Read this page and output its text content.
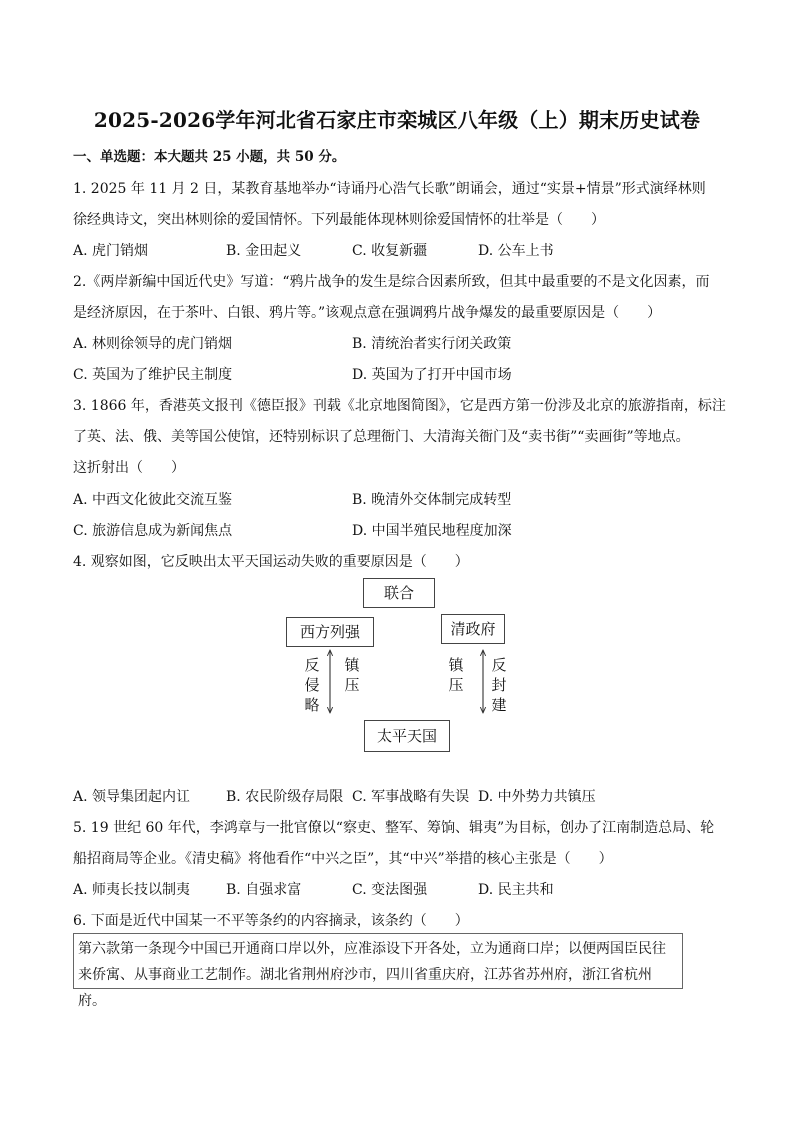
2025-2026学年河北省石家庄市栾城区八年级（上）期末历史试卷
一、单选题：本大题共 25 小题，共 50 分。
1. 2025 年 11 月 2 日，某教育基地举办“诗诵丹心浩气长歌”朗诵会，通过“实景+情景”形式演绎林则
徐经典诗文，突出林则徐的爱国情怀。下列最能体现林则徐爱国情怀的壮举是（　　）
A. 虎门销烟	B. 金田起义	C. 收复新疆	D. 公车上书
2.《两岸新编中国近代史》写道：“鸦片战争的发生是综合因素所致，但其中最重要的不是文化因素，而
是经济原因，在于茶叶、白银、鸦片等。”该观点意在强调鸦片战争爆发的最重要原因是（　　）
A. 林则徐领导的虎门销烟	B. 清统治者实行闭关政策
C. 英国为了维护民主制度	D. 英国为了打开中国市场
3. 1866 年，香港英文报刊《德臣报》刊载《北京地图简图》，它是西方第一份涉及北京的旅游指南，标注
了英、法、俄、美等国公使馆，还特别标识了总理衙门、大清海关衙门及“卖书街”“卖画街”等地点。
这折射出（　　）
A. 中西文化彼此交流互鉴	B. 晚清外交体制完成转型
C. 旅游信息成为新闻焦点	D. 中国半殖民地程度加深
4. 观察如图，它反映出太平天国运动失败的重要原因是（　　）
联合
西方列强	清政府
太平天国
反侵略
镇压
镇压
反封建
A. 领导集团起内讧	B. 农民阶级存局限 C. 军事战略有失误 D. 中外势力共镇压
5. 19 世纪 60 年代，李鸿章与一批官僚以“察吏、整军、筹饷、辑夷”为目标，创办了江南制造总局、轮
船招商局等企业。《清史稿》将他看作“中兴之臣”，其“中兴”举措的核心主张是（　　）
A. 师夷长技以制夷	B. 自强求富	C. 变法图强	D. 民主共和
6. 下面是近代中国某一不平等条约的内容摘录，该条约（　　）
第六款第一条现今中国已开通商口岸以外，应准添设下开各处，立为通商口岸；以便两国臣民往来侨寓、从事商业工艺制作。湖北省荆州府沙市，四川省重庆府，江苏省苏州府，浙江省杭州府。
